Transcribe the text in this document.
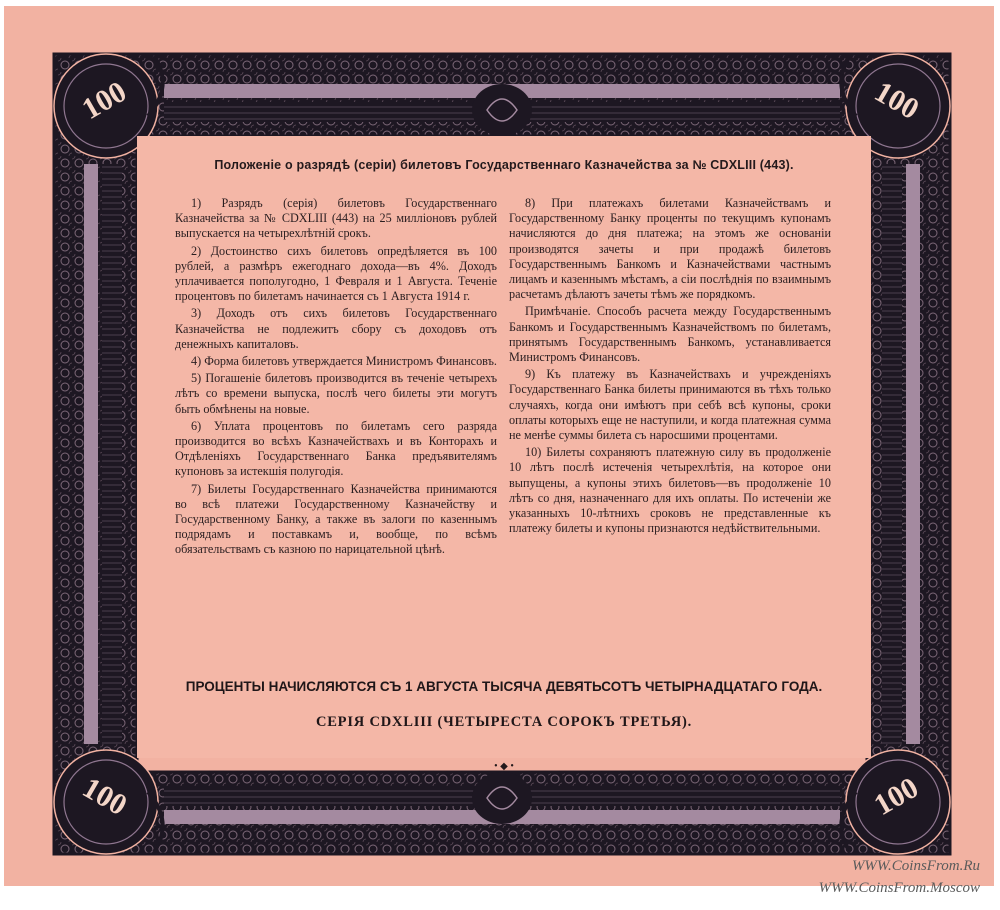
100	100
100	100
Положеніе о разрядѣ (серіи) билетовъ Государственнаго Казначейства за № CDXLIII (443).

1) Разрядъ (серія) билетовъ Государственнаго Казначейства за № CDXLIII (443) на 25 милліоновъ рублей выпускается на четырехлѣтній срокъ.

2) Достоинство сихъ билетовъ опредѣляется въ 100 рублей, а размѣръ ежегоднаго дохода—въ 4%. Доходъ уплачивается пополугодно, 1 Февраля и 1 Августа. Теченіе процентовъ по билетамъ начинается съ 1 Августа 1914 г.

3) Доходъ отъ сихъ билетовъ Государственнаго Казначейства не подлежитъ сбору съ доходовъ отъ денежныхъ капиталовъ.

4) Форма билетовъ утверждается Министромъ Финансовъ.

5) Погашеніе билетовъ производится въ теченіе четырехъ лѣтъ со времени выпуска, послѣ чего билеты эти могутъ быть обмѣнены на новые.

6) Уплата процентовъ по билетамъ сего разряда производится во всѣхъ Казначействахъ и въ Конторахъ и Отдѣленіяхъ Государственнаго Банка предъявителямъ купоновъ за истекшія полугодія.

7) Билеты Государственнаго Казначейства принимаются во всѣ платежи Государственному Казначейству и Государственному Банку, а также въ залоги по казеннымъ подрядамъ и поставкамъ и, вообще, по всѣмъ обязательствамъ съ казною по нарицательной цѣнѣ.

8) При платежахъ билетами Казначействамъ и Государственному Банку проценты по текущимъ купонамъ начисляются до дня платежа; на этомъ же основаніи производятся зачеты и при продажѣ билетовъ Государственнымъ Банкомъ и Казначействами частнымъ лицамъ и казеннымъ мѣстамъ, а сіи послѣднія по взаимнымъ расчетамъ дѣлаютъ зачеты тѣмъ же порядкомъ.

Примѣчаніе. Способъ расчета между Государственнымъ Банкомъ и Государственнымъ Казначействомъ по билетамъ, принятымъ Государственнымъ Банкомъ, устанавливается Министромъ Финансовъ.

9) Къ платежу въ Казначействахъ и учрежденіяхъ Государственнаго Банка билеты принимаются въ тѣхъ только случаяхъ, когда они имѣютъ при себѣ всѣ купоны, сроки оплаты которыхъ еще не наступили, и когда платежная сумма не менѣе суммы билета съ наросшими процентами.

10) Билеты сохраняютъ платежную силу въ продолженіе 10 лѣтъ послѣ истеченія четырехлѣтія, на которое они выпущены, а купоны этихъ билетовъ—въ продолженіе 10 лѣтъ со дня, назначеннаго для ихъ оплаты. По истеченіи же указанныхъ 10-лѣтнихъ сроковъ не представленные къ платежу билеты и купоны признаются недѣйствительными.

ПРОЦЕНТЫ НАЧИСЛЯЮТСЯ СЪ 1 АВГУСТА ТЫСЯЧА ДЕВЯТЬСОТЪ ЧЕТЫРНАДЦАТАГО ГОДА.
СЕРІЯ CDXLIII (ЧЕТЫРЕСТА СОРОКЪ ТРЕТЬЯ).
• ◆ •
WWW.CoinsFrom.Ru
WWW.CoinsFrom.Moscow
